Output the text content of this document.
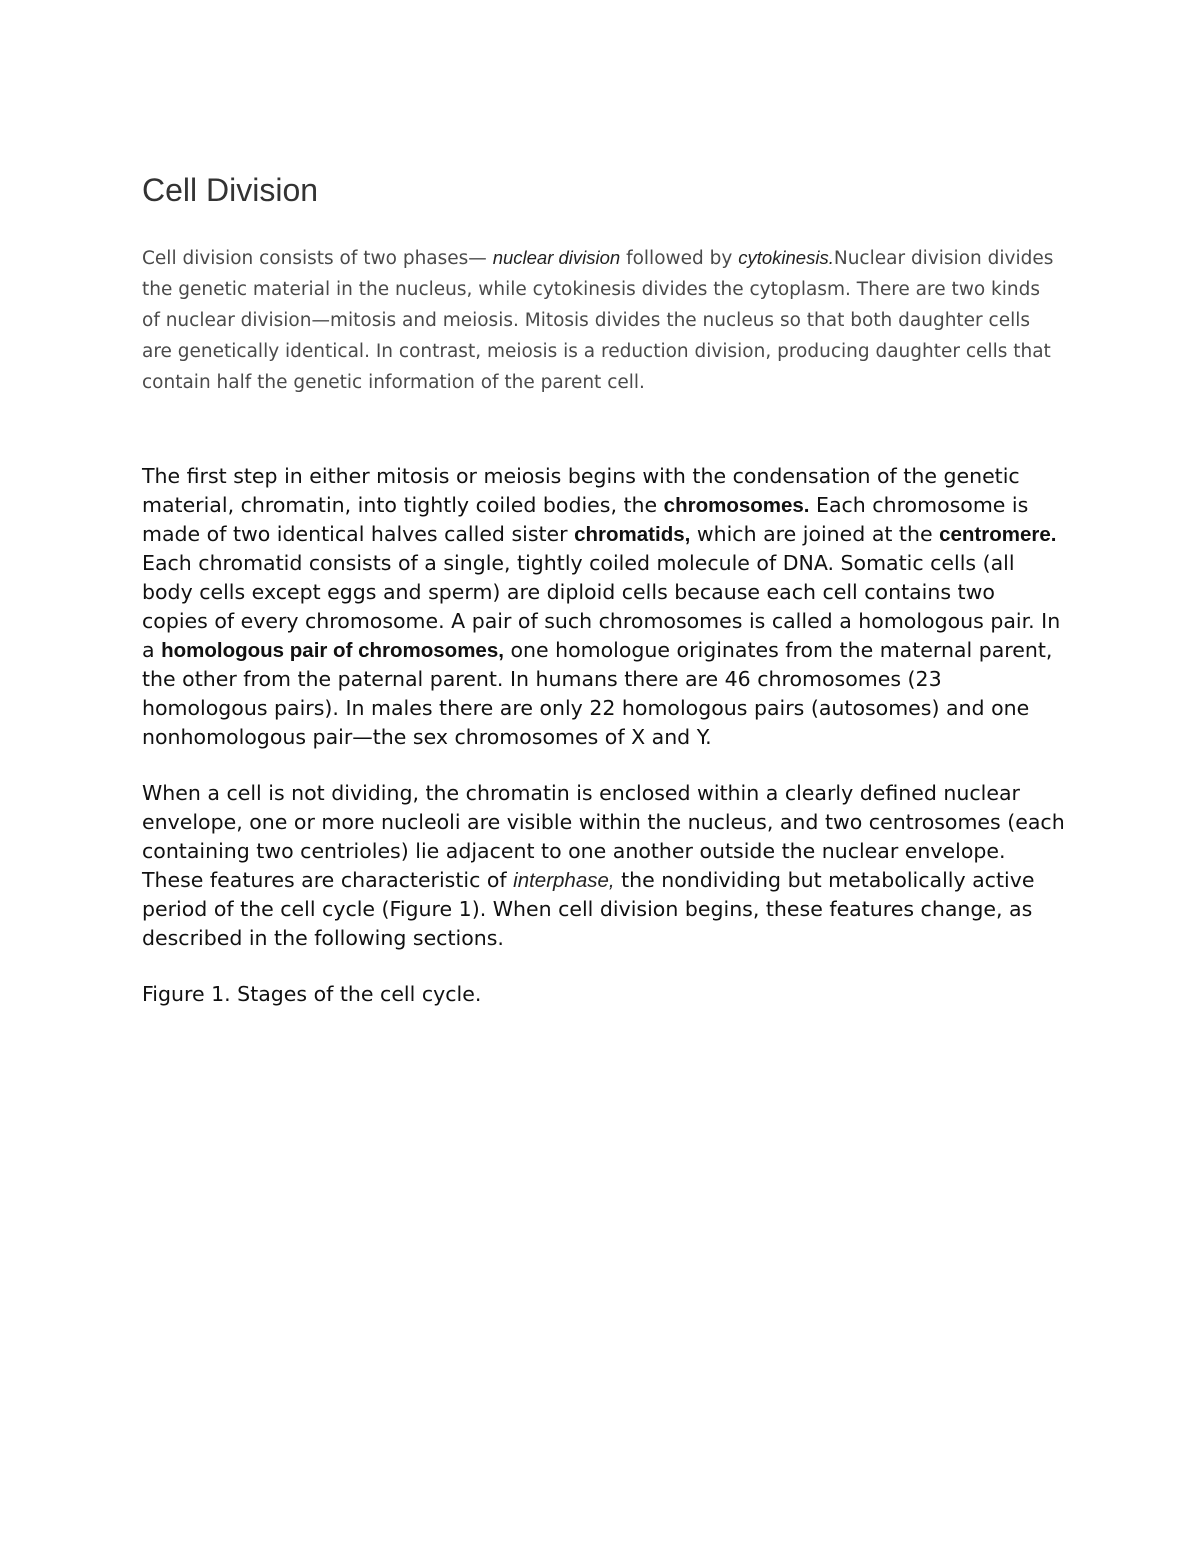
Cell Division

Cell division consists of two phases— nuclear division followed by cytokinesis.Nuclear division divides the genetic material in the nucleus, while cytokinesis divides the cytoplasm. There are two kinds of nuclear division—mitosis and meiosis. Mitosis divides the nucleus so that both daughter cells are genetically identical. In contrast, meiosis is a reduction division, producing daughter cells that contain half the genetic information of the parent cell.

The first step in either mitosis or meiosis begins with the condensation of the genetic material, chromatin, into tightly coiled bodies, the chromosomes. Each chromosome is made of two identical halves called sister chromatids, which are joined at the centromere. Each chromatid consists of a single, tightly coiled molecule of DNA. Somatic cells (all body cells except eggs and sperm) are diploid cells because each cell contains two copies of every chromosome. A pair of such chromosomes is called a homologous pair. In a homologous pair of chromosomes, one homologue originates from the maternal parent, the other from the paternal parent. In humans there are 46 chromosomes (23 homologous pairs). In males there are only 22 homologous pairs (autosomes) and one nonhomologous pair—the sex chromosomes of X and Y.

When a cell is not dividing, the chromatin is enclosed within a clearly defined nuclear envelope, one or more nucleoli are visible within the nucleus, and two centrosomes (each containing two centrioles) lie adjacent to one another outside the nuclear envelope. These features are characteristic of interphase, the nondividing but metabolically active period of the cell cycle (Figure 1). When cell division begins, these features change, as described in the following sections.

Figure 1. Stages of the cell cycle.
